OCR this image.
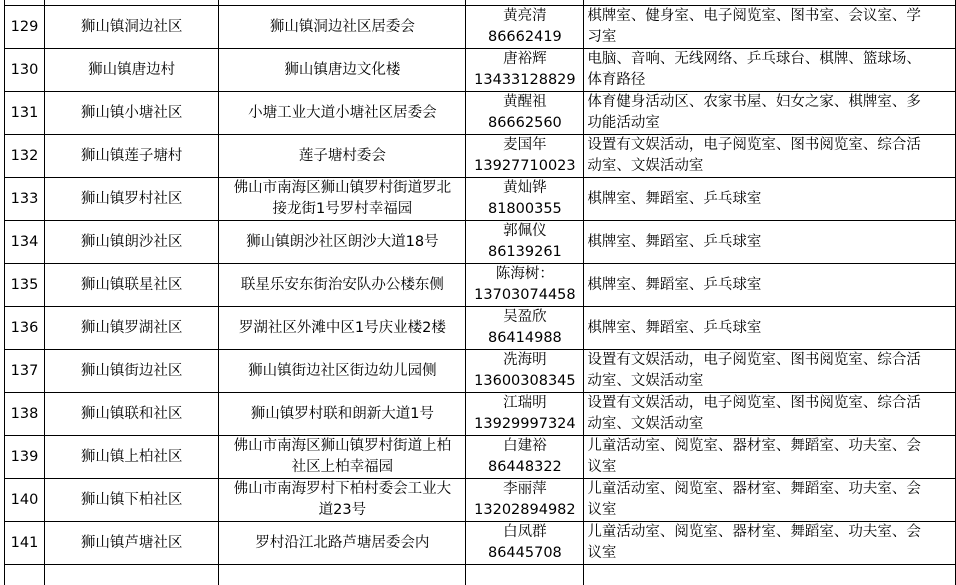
129	狮山镇洞边社区	狮山镇洞边社区居委会	黄亮清86662419	棋牌室、健身室、电子阅览室、图书室、会议室、学
习室

130	狮山镇唐边村	狮山镇唐边文化楼	唐裕辉
13433128829	电脑、音响、无线网络、乒乓球台、棋牌、篮球场、
体育路径

131	狮山镇小塘社区	小塘工业大道小塘社区居委会	黄醒祖86662560	体育健身活动区、农家书屋、妇女之家、棋牌室、多
功能活动室

132	狮山镇莲子塘村	莲子塘村委会	麦国年
13927710023	设置有文娱活动，电子阅览室、图书阅览室、综合活
动室、文娱活动室

133	狮山镇罗村社区	佛山市南海区狮山镇罗村街道罗北
接龙街1号罗村幸福园	黄灿铧
81800355	棋牌室、舞蹈室、乒乓球室

134	狮山镇朗沙社区	狮山镇朗沙社区朗沙大道18号	郭佩仪86139261	棋牌室、舞蹈室、乒乓球室

135	狮山镇联星社区	联星乐安东街治安队办公楼东侧	陈海树：
13703074458	棋牌室、舞蹈室、乒乓球室

136	狮山镇罗湖社区	罗湖社区外滩中区1号庆业楼2楼	吴盈欣86414988	棋牌室、舞蹈室、乒乓球室

137	狮山镇街边社区	狮山镇街边社区街边幼儿园侧	冼海明
13600308345	设置有文娱活动，电子阅览室、图书阅览室、综合活
动室、文娱活动室

138	狮山镇联和社区	狮山镇罗村联和朗新大道1号	江瑞明
13929997324	设置有文娱活动，电子阅览室、图书阅览室、综合活
动室、文娱活动室

139	狮山镇上柏社区	佛山市南海区狮山镇罗村街道上柏
社区上柏幸福园	白建裕86448322	儿童活动室、阅览室、器材室、舞蹈室、功夫室、会
议室

140	狮山镇下柏社区	佛山市南海罗村下柏村委会工业大
道23号	李丽萍
13202894982	儿童活动室、阅览室、器材室、舞蹈室、功夫室、会
议室

141	狮山镇芦塘社区	罗村沿江北路芦塘居委会内	白凤群86445708	儿童活动室、阅览室、器材室、舞蹈室、功夫室、会
议室
